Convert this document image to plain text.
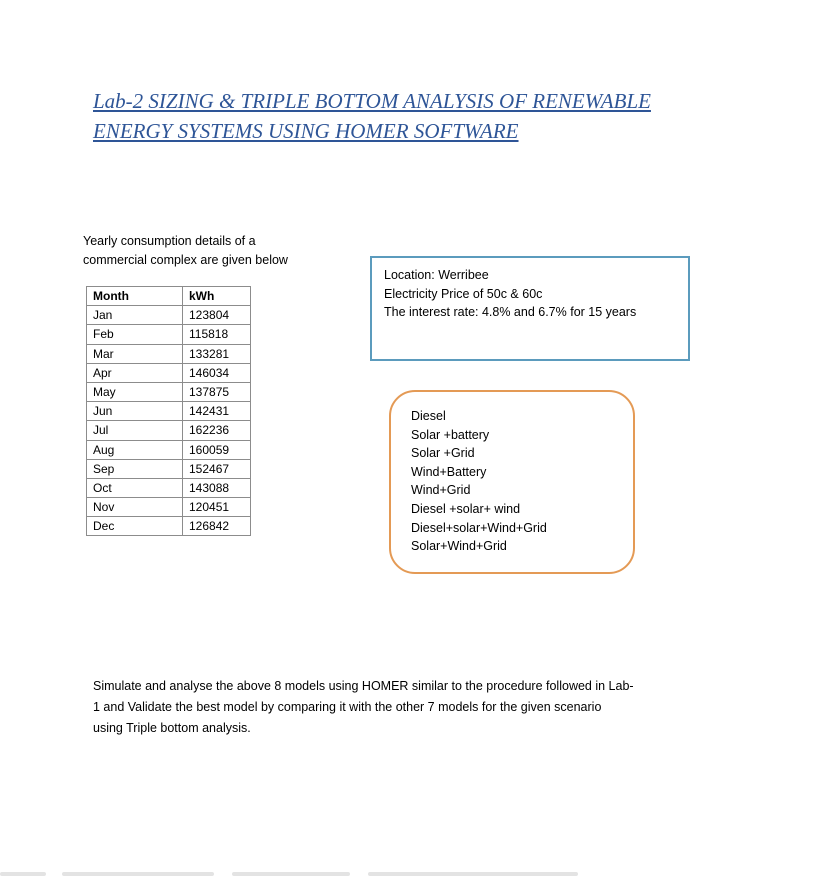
Lab-2 SIZING & TRIPLE BOTTOM ANALYSIS OF RENEWABLE
ENERGY SYSTEMS USING HOMER SOFTWARE
Yearly consumption details of a
commercial complex are given below
Month	kWh
Jan	123804
Feb	115818
Mar	133281
Apr	146034
May	137875
Jun	142431
Jul	162236
Aug	160059
Sep	152467
Oct	143088
Nov	120451
Dec	126842
Location: Werribee
Electricity Price of 50c & 60c
The interest rate: 4.8% and 6.7% for 15 years
Diesel
Solar +battery
Solar +Grid
Wind+Battery
Wind+Grid
Diesel +solar+ wind
Diesel+solar+Wind+Grid
Solar+Wind+Grid
Simulate and analyse the above 8 models using HOMER similar to the procedure followed in Lab-
1 and Validate the best model by comparing it with the other 7 models for the given scenario
using Triple bottom analysis.
